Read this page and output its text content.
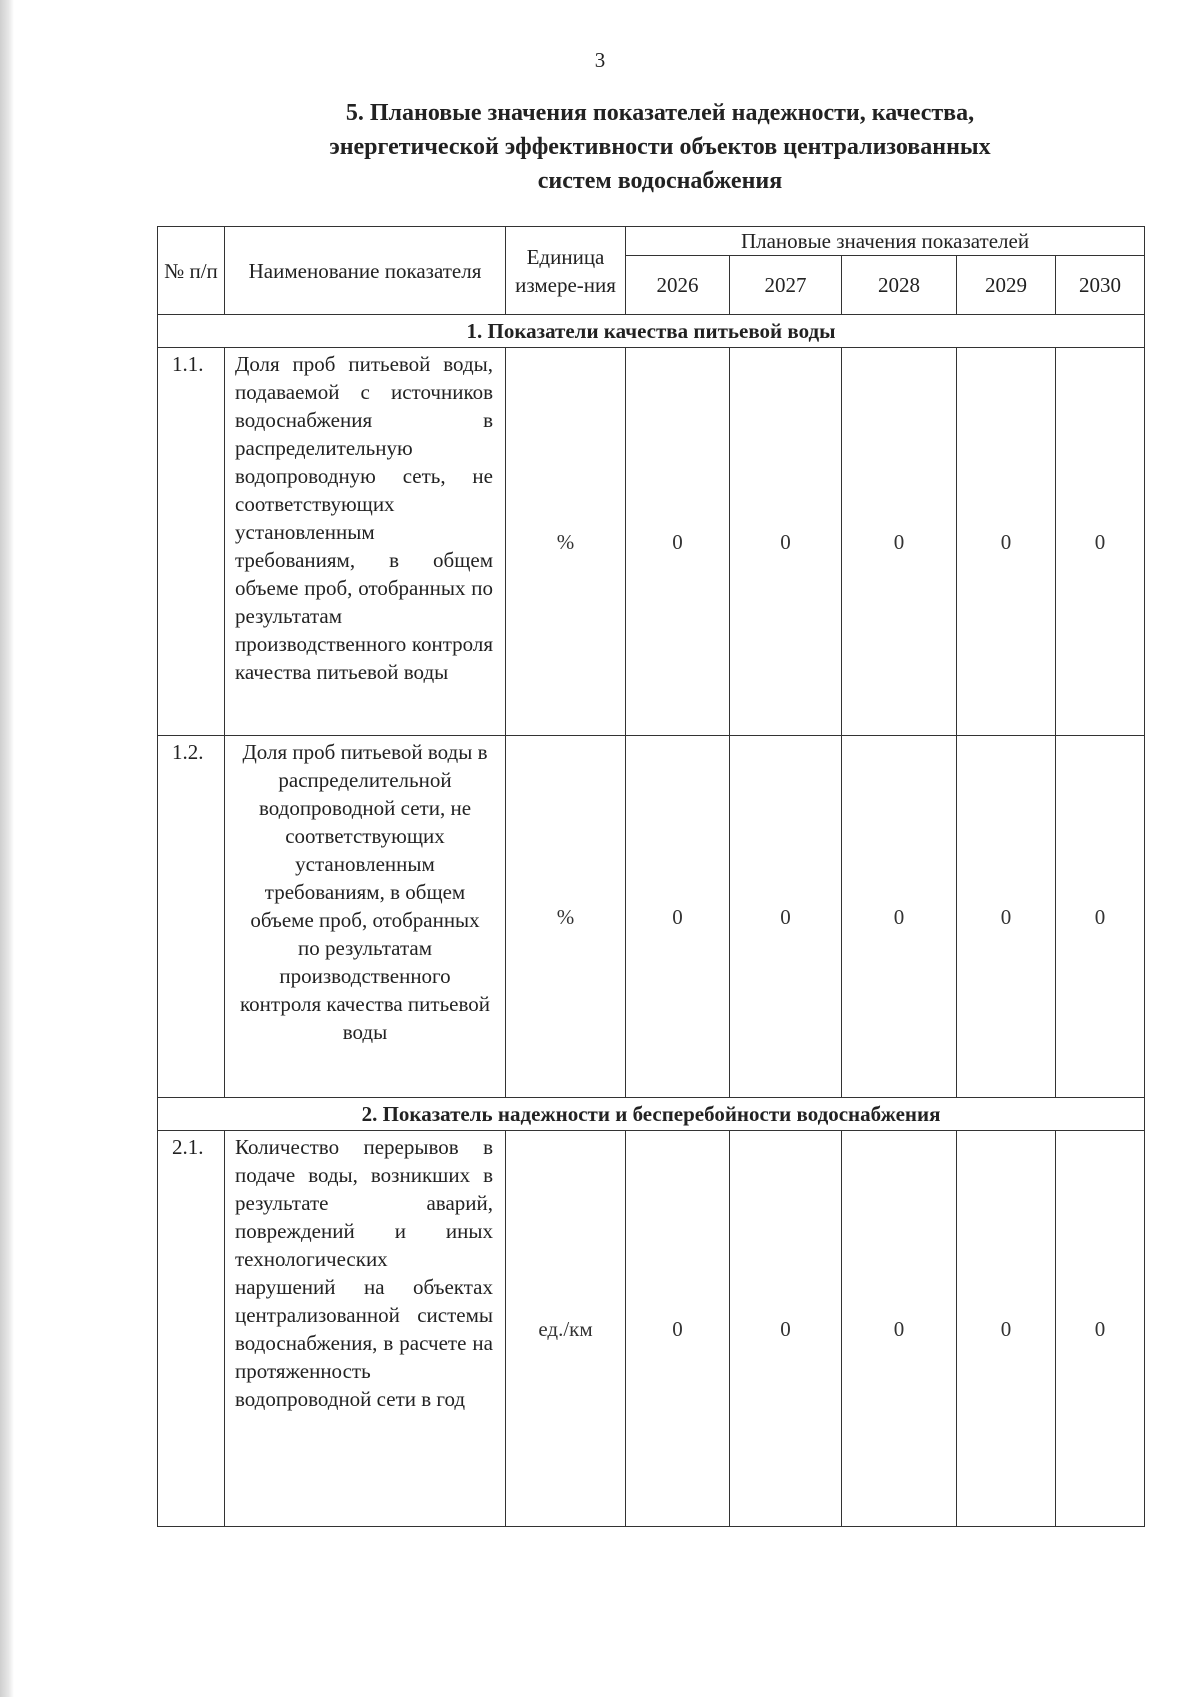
3
5. Плановые значения показателей надежности, качества,
энергетической эффективности объектов централизованных
систем водоснабжения
№ п/п	Наименование показателя	Единица измере-ния	Плановые значения показателей				
			2026	2027	2028	2029	2030
1. Показатели качества питьевой воды							
1.1.	Доля проб питьевой воды, подаваемой с источников водоснабжения в распределительную водопроводную сеть, не соответствующих установленным требованиям, в общем объеме проб, отобранных по результатам производственного контроля качества питьевой воды	%	0	0	0	0	0
1.2.	Доля проб питьевой воды в распределительной водопроводной сети, не соответствующих установленным требованиям, в общем объеме проб, отобранных по результатам производственного контроля качества питьевой воды	%	0	0	0	0	0
2. Показатель надежности и бесперебойности водоснабжения							
2.1.	Количество перерывов в подаче воды, возникших в результате аварий, повреждений и иных технологических нарушений на объектах централизованной системы водоснабжения, в расчете на протяженность водопроводной сети в год	ед./км	0	0	0	0	0
